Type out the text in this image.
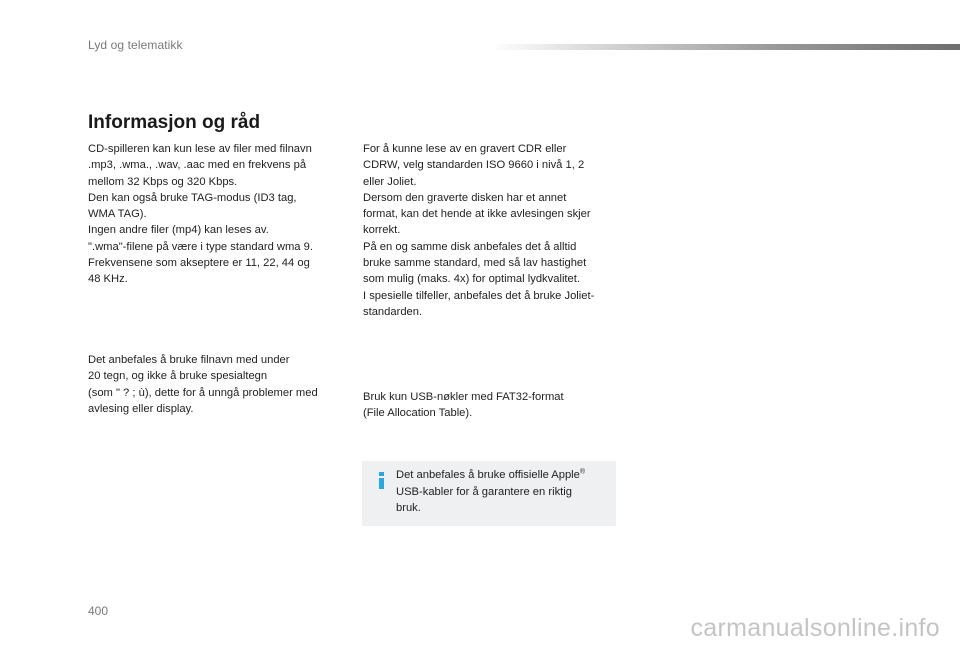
Lyd og telematikk
Informasjon og råd

CD-spilleren kan kun lese av filer med filnavn
.mp3, .wma., .wav, .aac med en frekvens på
mellom 32 Kbps og 320 Kbps.
Den kan også bruke TAG-modus (ID3 tag,
WMA TAG).
Ingen andre filer (mp4) kan leses av.
".wma"-filene på være i type standard wma 9.
Frekvensene som akseptere er 11, 22, 44 og
48 KHz.

Det anbefales å bruke filnavn med under
20 tegn, og ikke å bruke spesialtegn
(som " ? ; ù), dette for å unngå problemer med
avlesing eller display.

For å kunne lese av en gravert CDR eller
CDRW, velg standarden ISO 9660 i nivå 1, 2
eller Joliet.
Dersom den graverte disken har et annet
format, kan det hende at ikke avlesingen skjer
korrekt.
På en og samme disk anbefales det å alltid
bruke samme standard, med så lav hastighet
som mulig (maks. 4x) for optimal lydkvalitet.
I spesielle tilfeller, anbefales det å bruke Joliet-
standarden.

Bruk kun USB-nøkler med FAT32-format
(File Allocation Table).

Det anbefales å bruke offisielle Apple®
USB-kabler for å garantere en riktig
bruk.

400
carmanualsonline.info
